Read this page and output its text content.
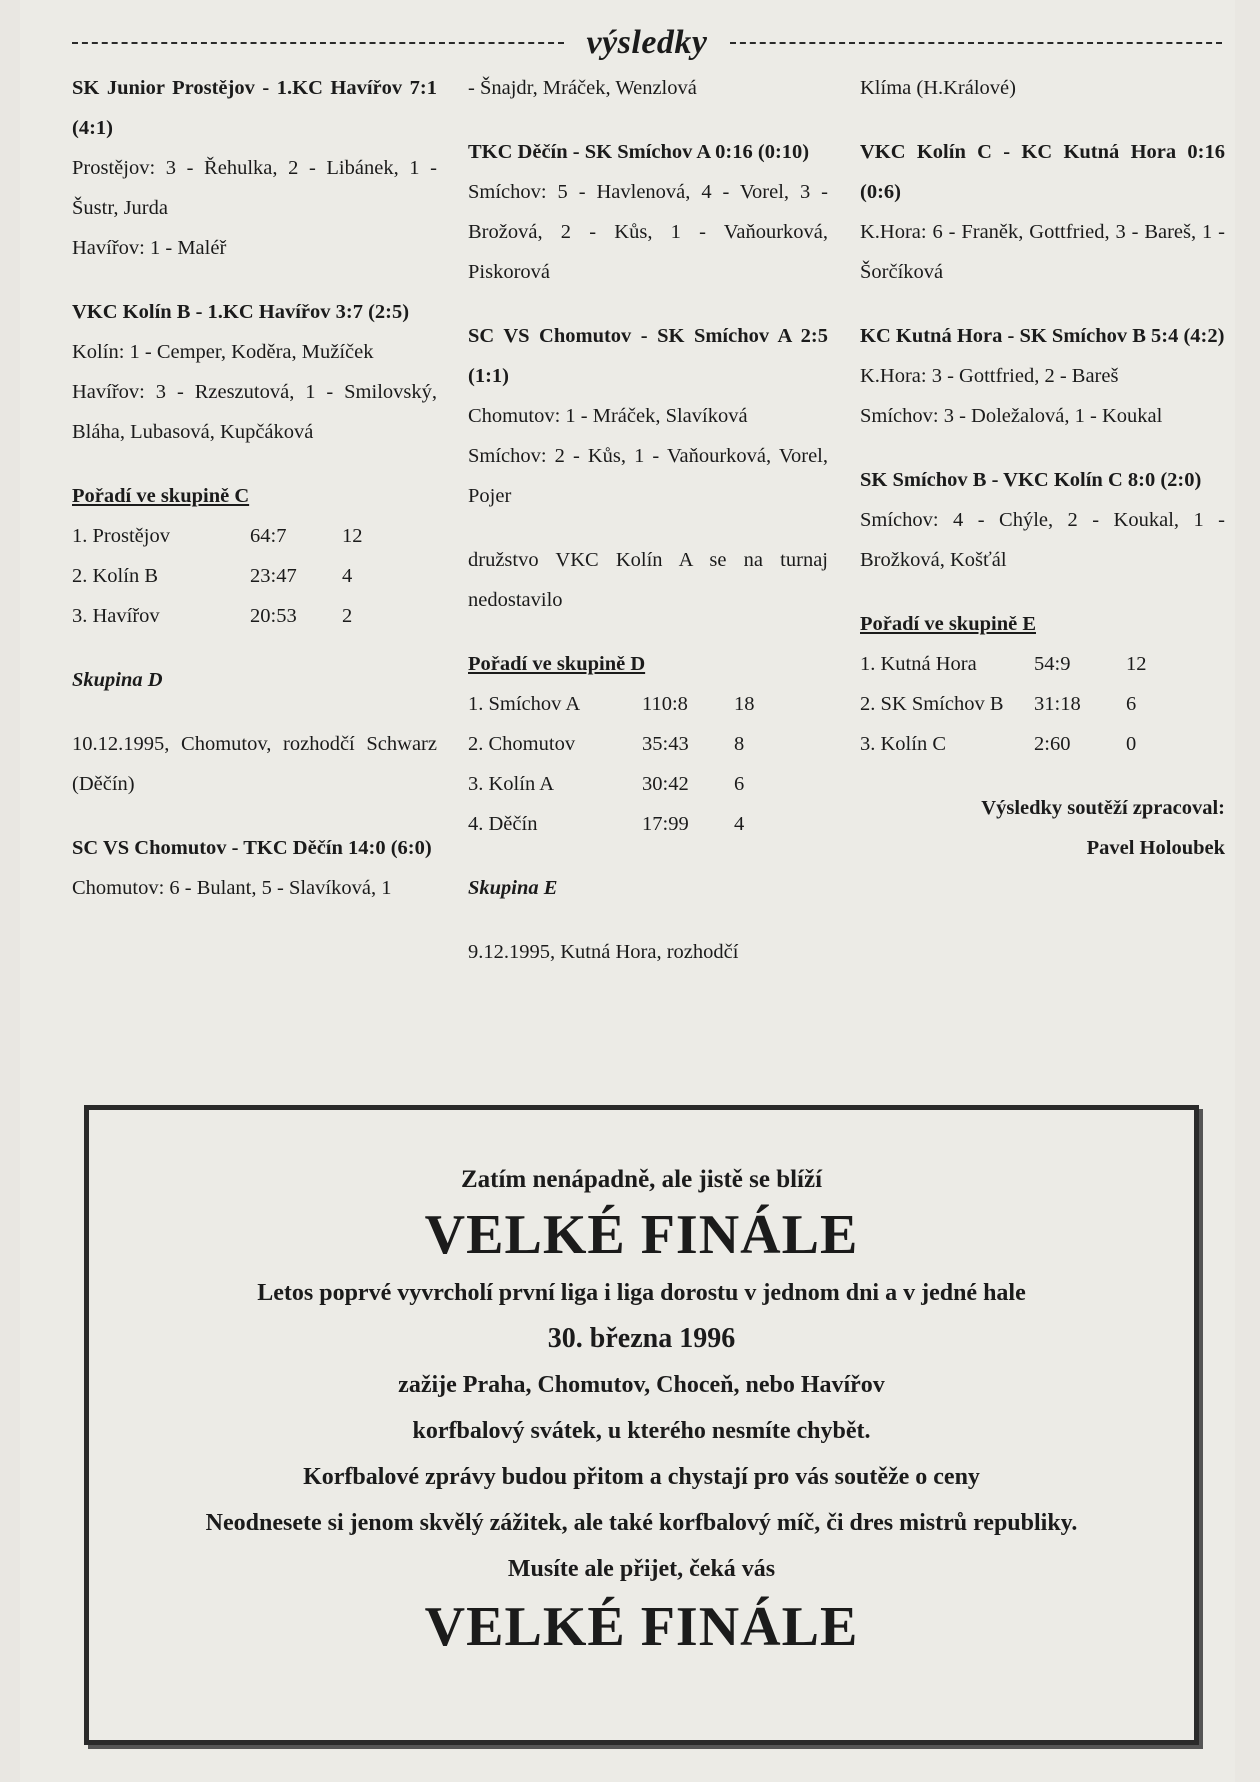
výsledky
SK Junior Prostějov - 1.KC Havířov 7:1 (4:1)
Prostějov: 3 - Řehulka, 2 - Libánek, 1 - Šustr, Jurda
Havířov: 1 - Maléř
VKC Kolín B - 1.KC Havířov 3:7 (2:5)
Kolín: 1 - Cemper, Koděra, Mužíček
Havířov: 3 - Rzeszutová, 1 - Smilovský, Bláha, Lubasová, Kupčáková
Pořadí ve skupině C
1. Prostějov	64:7	12
2. Kolín B	23:47	4
3. Havířov	20:53	2
Skupina D
10.12.1995, Chomutov, rozhodčí Schwarz (Děčín)
SC VS Chomutov - TKC Děčín 14:0 (6:0)
Chomutov: 6 - Bulant, 5 - Slavíková, 1
- Šnajdr, Mráček, Wenzlová
TKC Děčín - SK Smíchov A 0:16 (0:10)
Smíchov: 5 - Havlenová, 4 - Vorel, 3 - Brožová, 2 - Kůs, 1 - Vaňourková, Piskorová
SC VS Chomutov - SK Smíchov A 2:5 (1:1)
Chomutov: 1 - Mráček, Slavíková
Smíchov: 2 - Kůs, 1 - Vaňourková, Vorel, Pojer
družstvo VKC Kolín A se na turnaj nedostavilo
Pořadí ve skupině D
1. Smíchov A	110:8	18
2. Chomutov	35:43	8
3. Kolín A	30:42	6
4. Děčín	17:99	4
Skupina E
9.12.1995, Kutná Hora, rozhodčí
Klíma (H.Králové)
VKC Kolín C - KC Kutná Hora 0:16 (0:6)
K.Hora: 6 - Franěk, Gottfried, 3 - Bareš, 1 - Šorčíková
KC Kutná Hora - SK Smíchov B 5:4 (4:2)
K.Hora: 3 - Gottfried, 2 - Bareš
Smíchov: 3 - Doležalová, 1 - Koukal
SK Smíchov B - VKC Kolín C 8:0 (2:0)
Smíchov: 4 - Chýle, 2 - Koukal, 1 - Brožková, Košťál
Pořadí ve skupině E
1. Kutná Hora	54:9	12
2. SK Smíchov B	31:18	6
3. Kolín C	2:60	0
Výsledky soutěží zpracoval:
Pavel Holoubek
Zatím nenápadně, ale jistě se blíží
VELKÉ FINÁLE
Letos poprvé vyvrcholí první liga i liga dorostu v jednom dni a v jedné hale
30. března 1996
zažije Praha, Chomutov, Choceň, nebo Havířov
korfbalový svátek, u kterého nesmíte chybět.
Korfbalové zprávy budou přitom a chystají pro vás soutěže o ceny
Neodnesete si jenom skvělý zážitek, ale také korfbalový míč, či dres mistrů republiky.
Musíte ale přijet, čeká vás
VELKÉ FINÁLE
